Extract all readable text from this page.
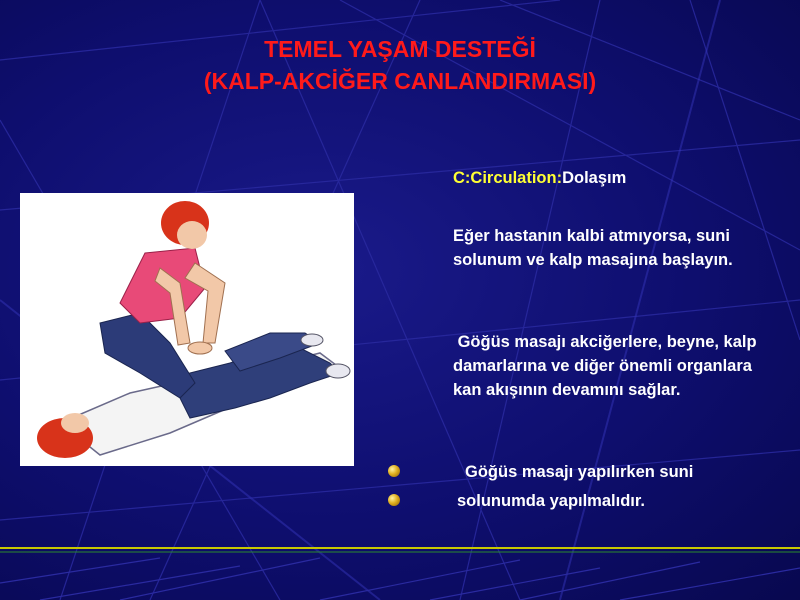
TEMEL YAŞAM DESTEĞİ
(KALP-AKCİĞER CANLANDIRMASI)
C:Circulation:Dolaşım
Eğer hastanın kalbi atmıyorsa, suni solunum ve kalp masajına başlayın.
Göğüs masajı akciğerlere, beyne, kalp damarlarına ve diğer önemli organlara kan akışının devamını sağlar.
Göğüs masajı yapılırken suni
solunumda yapılmalıdır.
